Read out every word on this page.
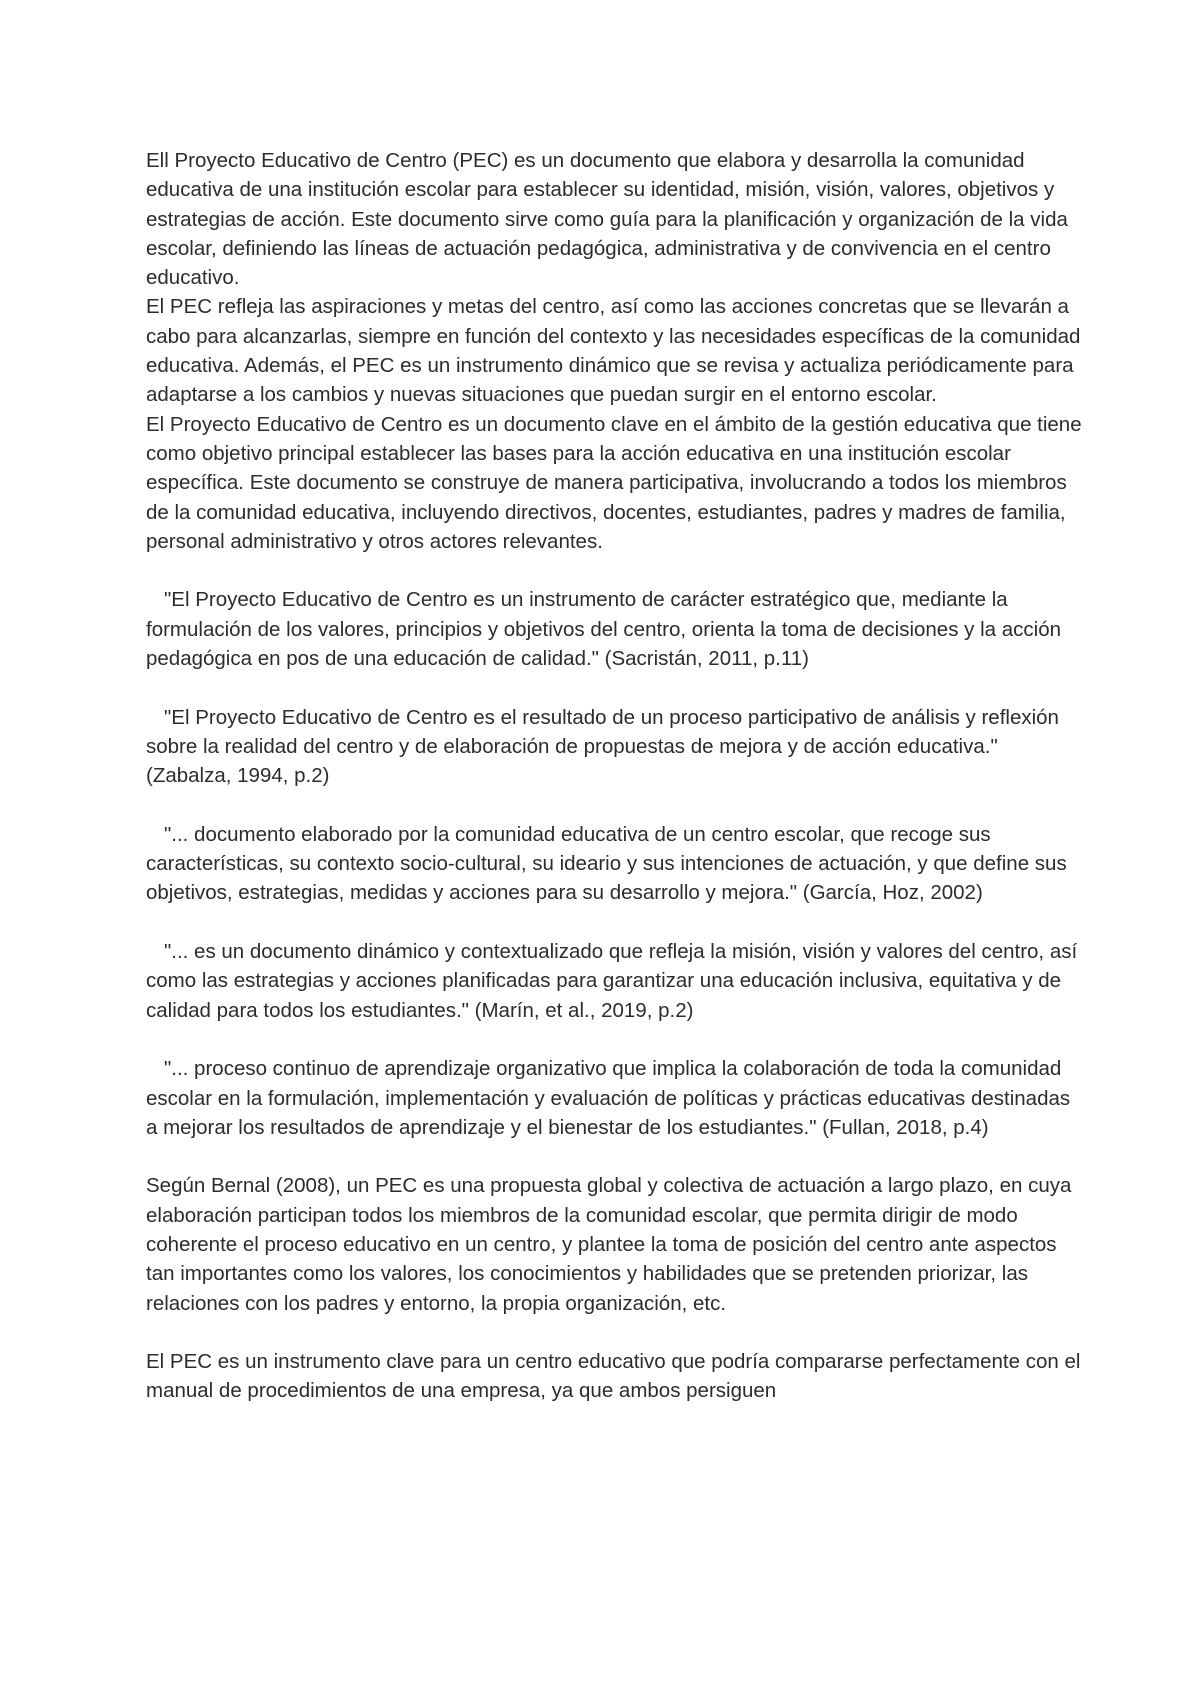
Ell Proyecto Educativo de Centro (PEC) es un documento que elabora y desarrolla la comunidad educativa de una institución escolar para establecer su identidad, misión, visión, valores, objetivos y estrategias de acción. Este documento sirve como guía para la planificación y organización de la vida escolar, definiendo las líneas de actuación pedagógica, administrativa y de convivencia en el centro educativo.

El PEC refleja las aspiraciones y metas del centro, así como las acciones concretas que se llevarán a cabo para alcanzarlas, siempre en función del contexto y las necesidades específicas de la comunidad educativa. Además, el PEC es un instrumento dinámico que se revisa y actualiza periódicamente para adaptarse a los cambios y nuevas situaciones que puedan surgir en el entorno escolar.

El Proyecto Educativo de Centro es un documento clave en el ámbito de la gestión educativa que tiene como objetivo principal establecer las bases para la acción educativa en una institución escolar específica. Este documento se construye de manera participativa, involucrando a todos los miembros de la comunidad educativa, incluyendo directivos, docentes, estudiantes, padres y madres de familia, personal administrativo y otros actores relevantes.

"El Proyecto Educativo de Centro es un instrumento de carácter estratégico que, mediante la formulación de los valores, principios y objetivos del centro, orienta la toma de decisiones y la acción pedagógica en pos de una educación de calidad." (Sacristán, 2011, p.11)

"El Proyecto Educativo de Centro es el resultado de un proceso participativo de análisis y reflexión sobre la realidad del centro y de elaboración de propuestas de mejora y de acción educativa." (Zabalza, 1994, p.2)

"... documento elaborado por la comunidad educativa de un centro escolar, que recoge sus características, su contexto socio-cultural, su ideario y sus intenciones de actuación, y que define sus objetivos, estrategias, medidas y acciones para su desarrollo y mejora." (García, Hoz, 2002)

"... es un documento dinámico y contextualizado que refleja la misión, visión y valores del centro, así como las estrategias y acciones planificadas para garantizar una educación inclusiva, equitativa y de calidad para todos los estudiantes." (Marín, et al., 2019, p.2)

"... proceso continuo de aprendizaje organizativo que implica la colaboración de toda la comunidad escolar en la formulación, implementación y evaluación de políticas y prácticas educativas destinadas a mejorar los resultados de aprendizaje y el bienestar de los estudiantes." (Fullan, 2018, p.4)

Según Bernal (2008), un PEC es una propuesta global y colectiva de actuación a largo plazo, en cuya elaboración participan todos los miembros de la comunidad escolar, que permita dirigir de modo coherente el proceso educativo en un centro, y plantee la toma de posición del centro ante aspectos tan importantes como los valores, los conocimientos y habilidades que se pretenden priorizar, las relaciones con los padres y entorno, la propia organización, etc.

El PEC es un instrumento clave para un centro educativo que podría compararse perfectamente con el manual de procedimientos de una empresa, ya que ambos persiguen
